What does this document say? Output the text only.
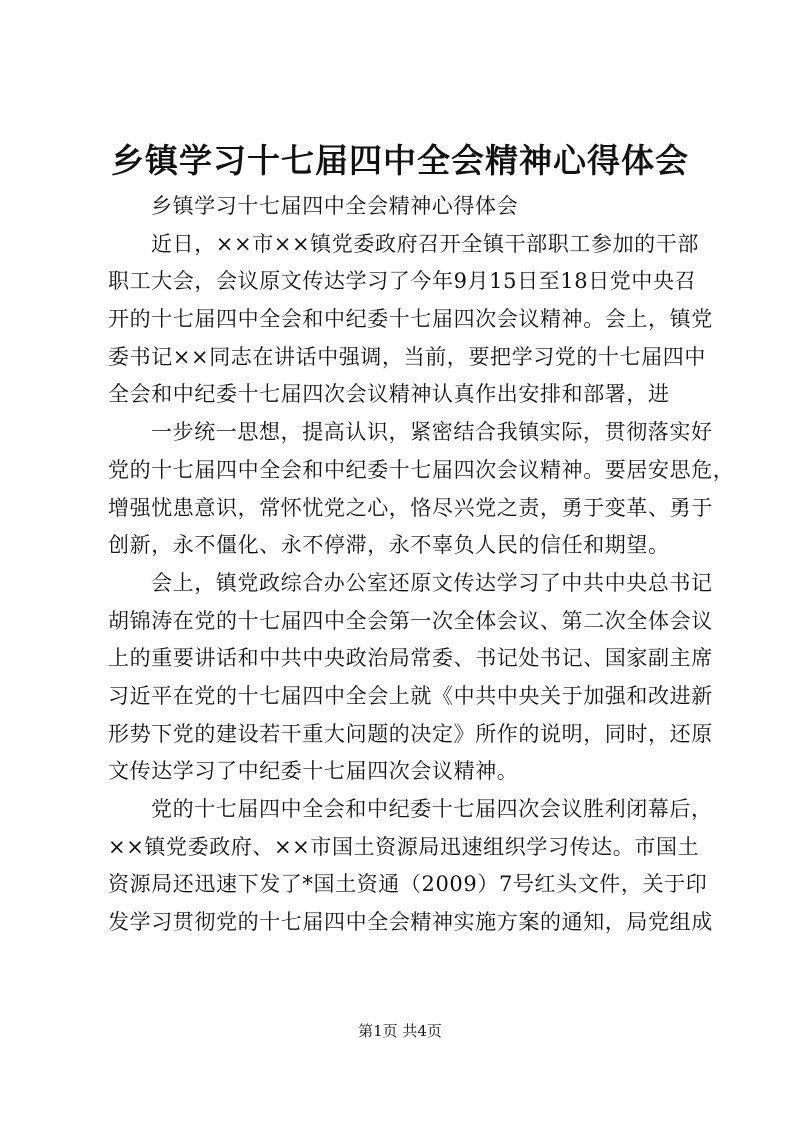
乡镇学习十七届四中全会精神心得体会
乡镇学习十七届四中全会精神心得体会
近日，××市××镇党委政府召开全镇干部职工参加的干部
职工大会，会议原文传达学习了今年9月15日至18日党中央召
开的十七届四中全会和中纪委十七届四次会议精神。会上，镇党
委书记××同志在讲话中强调，当前，要把学习党的十七届四中
全会和中纪委十七届四次会议精神认真作出安排和部署，进
一步统一思想，提高认识，紧密结合我镇实际，贯彻落实好
党的十七届四中全会和中纪委十七届四次会议精神。要居安思危，
增强忧患意识，常怀忧党之心，恪尽兴党之责，勇于变革、勇于
创新，永不僵化、永不停滞，永不辜负人民的信任和期望。
会上，镇党政综合办公室还原文传达学习了中共中央总书记
胡锦涛在党的十七届四中全会第一次全体会议、第二次全体会议
上的重要讲话和中共中央政治局常委、书记处书记、国家副主席
习近平在党的十七届四中全会上就《中共中央关于加强和改进新
形势下党的建设若干重大问题的决定》所作的说明，同时，还原
文传达学习了中纪委十七届四次会议精神。
党的十七届四中全会和中纪委十七届四次会议胜利闭幕后，
××镇党委政府、××市国土资源局迅速组织学习传达。市国土
资源局还迅速下发了*国土资通（2009）7号红头文件，关于印
发学习贯彻党的十七届四中全会精神实施方案的通知，局党组成
第1页 共4页
